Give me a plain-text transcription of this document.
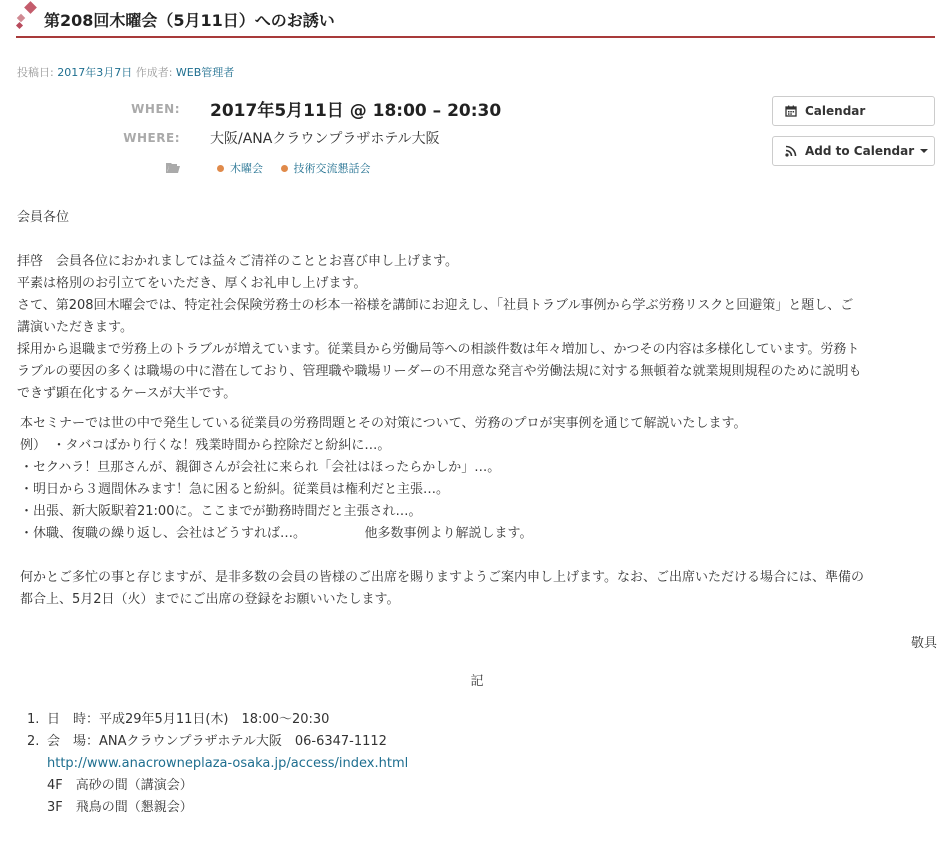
第208回木曜会（5月11日）へのお誘い
投稿日: 2017年3月7日 作成者: WEB管理者
WHEN: 2017年5月11日 @ 18:00 – 20:30
WHERE: 大阪/ANAクラウンプラザホテル大阪
木曜会
	技術交流懇話会
Calendar
Add to Calendar

会員各位

拝啓　会員各位におかれましては益々ご清祥のこととお喜び申し上げます。

平素は格別のお引立てをいただき、厚くお礼申し上げます。

さて、第208回木曜会では、特定社会保険労務士の杉本一裕様を講師にお迎えし、「社員トラブル事例から学ぶ労務リスクと回避策」と題し、ご

講演いただきます。

採用から退職まで労務上のトラブルが増えています。従業員から労働局等への相談件数は年々増加し、かつその内容は多様化しています。労務ト

ラブルの要因の多くは職場の中に潜在しており、管理職や職場リーダーの不用意な発言や労働法規に対する無頓着な就業規則規程のために説明も

できず顕在化するケースが大半です。

本セミナーでは世の中で発生している従業員の労務問題とその対策について、労務のプロが実事例を通じて解説いたします。

例）　・タバコばかり行くな！残業時間から控除だと紛糾に…。

・セクハラ！旦那さんが、親御さんが会社に来られ「会社はほったらかしか」…。

・明日から３週間休みます！急に困ると紛糾。従業員は権利だと主張…。

・出張、新大阪駅着21:00に。ここまでが勤務時間だと主張され…。

・休職、復職の繰り返し、会社はどうすれば…。　　　　　他多数事例より解説します。

何かとご多忙の事と存じますが、是非多数の会員の皆様のご出席を賜りますようご案内申し上げます。なお、ご出席いただける場合には、準備の

都合上、5月2日（火）までにご出席の登録をお願いいたします。

敬具

記

1. 日　時：平成29年5月11日(木)　18:00～20:30
2. 会　場：ANAクラウンプラザホテル大阪　06-6347-1112
http://www.anacrowneplaza-osaka.jp/access/index.html
4F　高砂の間（講演会）
3F　飛鳥の間（懇親会）
